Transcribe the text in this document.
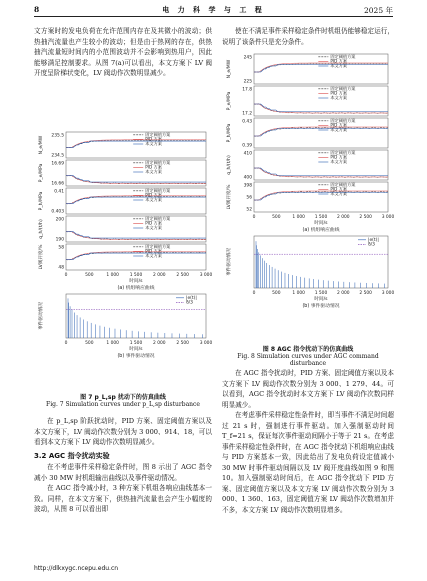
8	电 力 科 学 与 工 程	2025 年

文方案时的发电负荷在允许范围内存在及其微小的波动；供热抽汽流量也产生较小的波动；但是由于热网的存在，供热抽汽流量短时间内的小范围波动并不会影响到热用户，因此能够满足控制要求。从图 7(a)可以看出，本文方案下 LV 阀开度呈阶梯状变化，LV 阀动作次数明显减少。

N_e/MW 235.5
234.5
固定阈值方案
PID 方案
本文方案
P_e/MPa 16.69
16.66
固定阈值方案
PID 方案
本文方案
P_h/MPa 0.41
0.403
固定阈值方案
PID 方案
本文方案
q_h/(t/h)	200
190
固定阈值方案
PID 方案
本文方案
LV阀开度/%	58
48
固定阈值方案
PID 方案
本文方案
0	500	1 000 1 500 2 000 2 500 3 000
时间/s
(a) 机组响应曲线
事件驱动情况
|e(t)|
δ/3
0	500	1 000 1 500 2 000 2 500 3 000
时间/s
(b) 事件驱动情况
图 7 p_L,sp 扰动下的仿真曲线
Fig. 7 Simulation curves under p_L,sp disturbance

在 p_L,sp 阶跃扰动时，PID 方案、固定阈值方案以及本文方案下，LV 阀动作次数分别为 3 000、914、18，可以看到本文方案下 LV 阀动作次数明显减少。

3.2 AGC 指令扰动实验

在不考虑事件采样稳定条件时，图 8 示出了 AGC 指令减小 30 MW 时机组输出曲线以及事件驱动情况。

在 AGC 指令减小时，3 种方案下机组各响应曲线基本一致。同样，在本文方案下，供热抽汽流量也会产生小幅度的波动，从图 8 可以看出即

使在不满足事件采样稳定条件时机组仍能够稳定运行，说明了该条件只是充分条件。

N_e/MW
245
225
固定阈值方案
PID 方案
本文方案
P_e/MPa
17.8
17.2
固定阈值方案
PID 方案
本文方案
P_h/MPa
0.43
0.39
固定阈值方案
PID 方案
本文方案
q_h/(t/h)
410
400
固定阈值方案
PID 方案
本文方案
LV阀开度/%	398
56
52
固定阈值方案
PID 方案
本文方案
0	500	1 000 1 500 2 000 2 500 3 000
时间/s
(a) 机组响应曲线
事件驱动情况
|e(t)|
δ/3
0	500	1 000 1 500 2 000 2 500 3 000
时间/s
(b) 事件驱动情况
图 8 AGC 指令扰动下的仿真曲线
Fig. 8 Simulation curves under AGC command disturbance

在 AGC 指令扰动时，PID 方案、固定阈值方案以及本文方案下 LV 阀动作次数分别为 3 000、1 279、44。可以看到，AGC 指令扰动时本文方案下 LV 阀动作次数同样明显减少。

在考虑事件采样稳定性条件时，即当事件不满足时间超过 21 s 时，强制进行事件驱动。加入强制驱动时间 T_f=21 s，保证每次事件驱动间隔小于等于 21 s。在考虑事件采样稳定性条件时，在 AGC 指令扰动下机组响应曲线与 PID 方案基本一致，因此给出了发电负荷设定值减小 30 MW 时事件驱动间隔以及 LV 阀开度曲线如图 9 和图 10。加入强制驱动时间后，在 AGC 指令扰动下 PID 方案、固定阈值方案以及本文方案 LV 阀动作次数分别为 3 000、1 360、163，固定阈值方案 LV 阀动作次数增加并不多，本文方案 LV 阀动作次数明显增多。

http://dlkxygc.ncepu.edu.cn
